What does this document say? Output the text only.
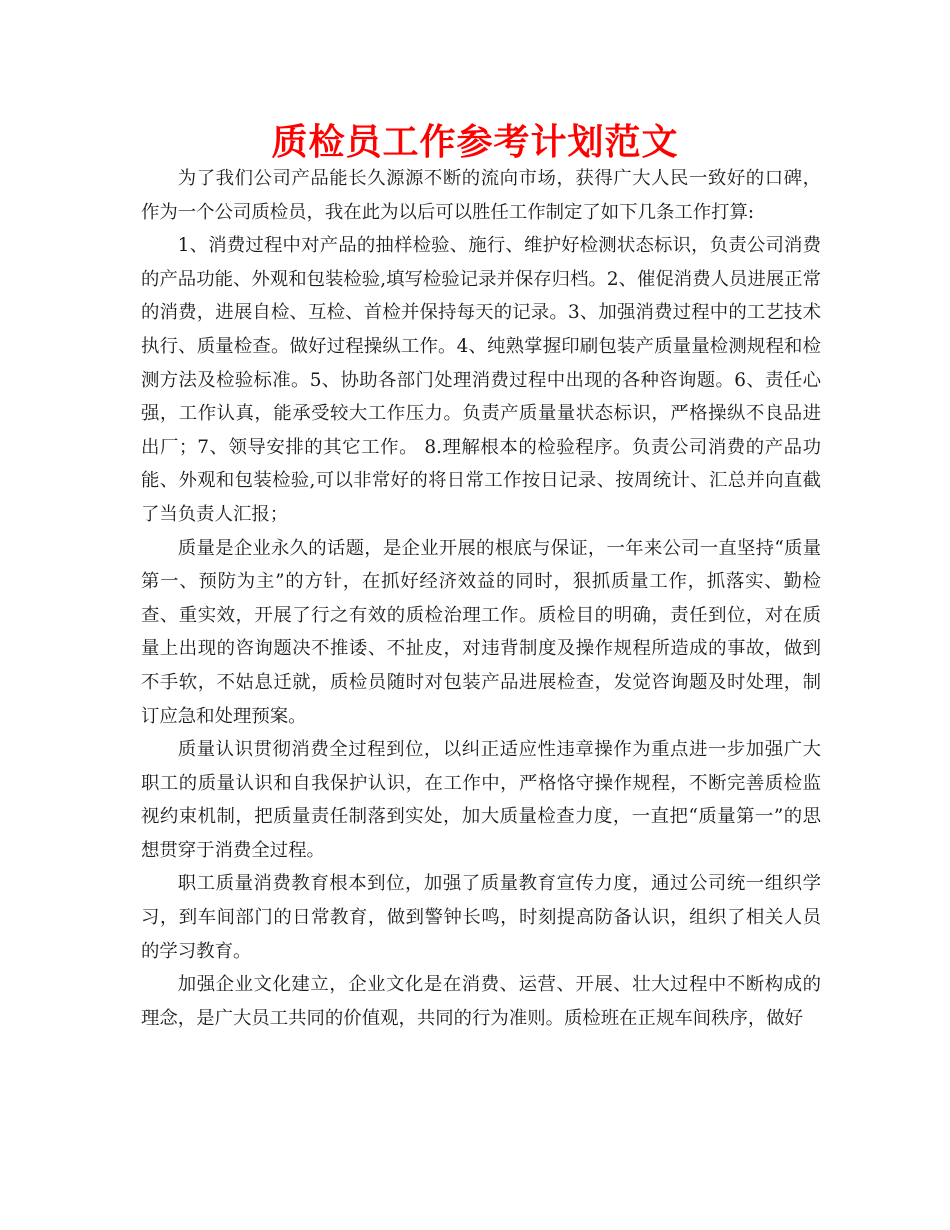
质检员工作参考计划范文

为了我们公司产品能长久源源不断的流向市场，获得广大人民一致好的口碑，作为一个公司质检员，我在此为以后可以胜任工作制定了如下几条工作打算:

1、消费过程中对产品的抽样检验、施行、维护好检测状态标识，负责公司消费的产品功能、外观和包装检验,填写检验记录并保存归档。2、催促消费人员进展正常的消费，进展自检、互检、首检并保持每天的记录。3、加强消费过程中的工艺技术执行、质量检查。做好过程操纵工作。4、纯熟掌握印刷包装产质量量检测规程和检测方法及检验标准。5、协助各部门处理消费过程中出现的各种咨询题。6、责任心强，工作认真，能承受较大工作压力。负责产质量量状态标识，严格操纵不良品进出厂；7、领导安排的其它工作。 8.理解根本的检验程序。负责公司消费的产品功能、外观和包装检验,可以非常好的将日常工作按日记录、按周统计、汇总并向直截了当负责人汇报；

质量是企业永久的话题，是企业开展的根底与保证，一年来公司一直坚持“质量第一、预防为主”的方针，在抓好经济效益的同时，狠抓质量工作，抓落实、勤检查、重实效，开展了行之有效的质检治理工作。质检目的明确，责任到位，对在质量上出现的咨询题决不推诿、不扯皮，对违背制度及操作规程所造成的事故，做到不手软，不姑息迁就，质检员随时对包装产品进展检查，发觉咨询题及时处理，制订应急和处理预案。

质量认识贯彻消费全过程到位，以纠正适应性违章操作为重点进一步加强广大职工的质量认识和自我保护认识，在工作中，严格恪守操作规程，不断完善质检监视约束机制，把质量责任制落到实处，加大质量检查力度，一直把“质量第一”的思想贯穿于消费全过程。

职工质量消费教育根本到位，加强了质量教育宣传力度，通过公司统一组织学习，到车间部门的日常教育，做到警钟长鸣，时刻提高防备认识，组织了相关人员的学习教育。

加强企业文化建立，企业文化是在消费、运营、开展、壮大过程中不断构成的理念，是广大员工共同的价值观，共同的行为准则。质检班在正规车间秩序，做好
